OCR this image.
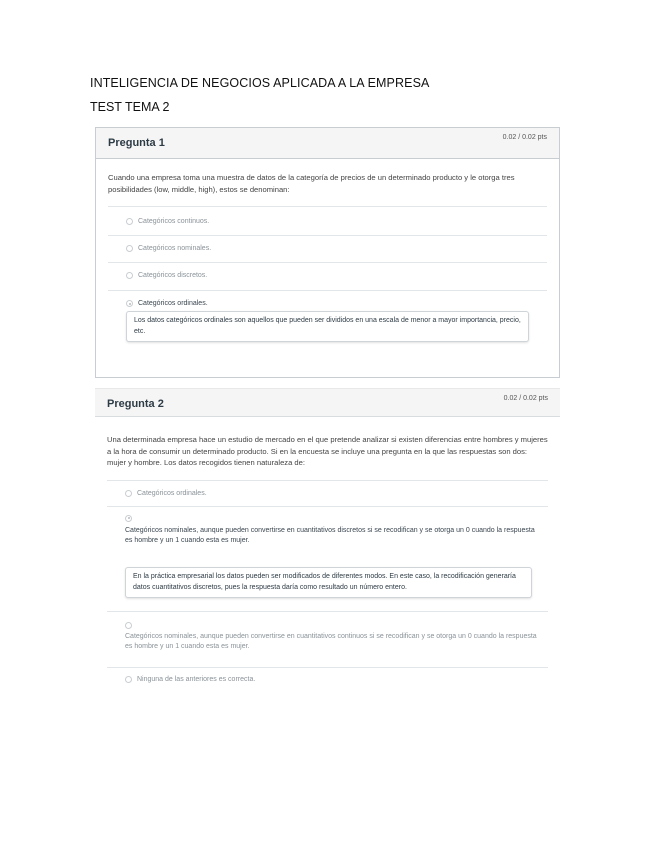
INTELIGENCIA DE NEGOCIOS APLICADA A LA EMPRESA
TEST TEMA 2
Pregunta 1	0.02 / 0.02 pts
Cuando una empresa toma una muestra de datos de la categoría de precios de un determinado producto y le otorga tres posibilidades (low, middle, high), estos se denominan:
Categóricos continuos.
Categóricos nominales.
Categóricos discretos.
Categóricos ordinales.
Los datos categóricos ordinales son aquellos que pueden ser divididos en una escala de menor a mayor importancia, precio, etc.
Pregunta 2	0.02 / 0.02 pts
Una determinada empresa hace un estudio de mercado en el que pretende analizar si existen diferencias entre hombres y mujeres a la hora de consumir un determinado producto. Si en la encuesta se incluye una pregunta en la que las respuestas son dos: mujer y hombre. Los datos recogidos tienen naturaleza de:
Categóricos ordinales.
Categóricos nominales, aunque pueden convertirse en cuantitativos discretos si se recodifican y se otorga un 0 cuando la respuesta es hombre y un 1 cuando esta es mujer.
En la práctica empresarial los datos pueden ser modificados de diferentes modos. En este caso, la recodificación generaría datos cuantitativos discretos, pues la respuesta daría como resultado un número entero.
Categóricos nominales, aunque pueden convertirse en cuantitativos continuos si se recodifican y se otorga un 0 cuando la respuesta es hombre y un 1 cuando esta es mujer.
Ninguna de las anteriores es correcta.
